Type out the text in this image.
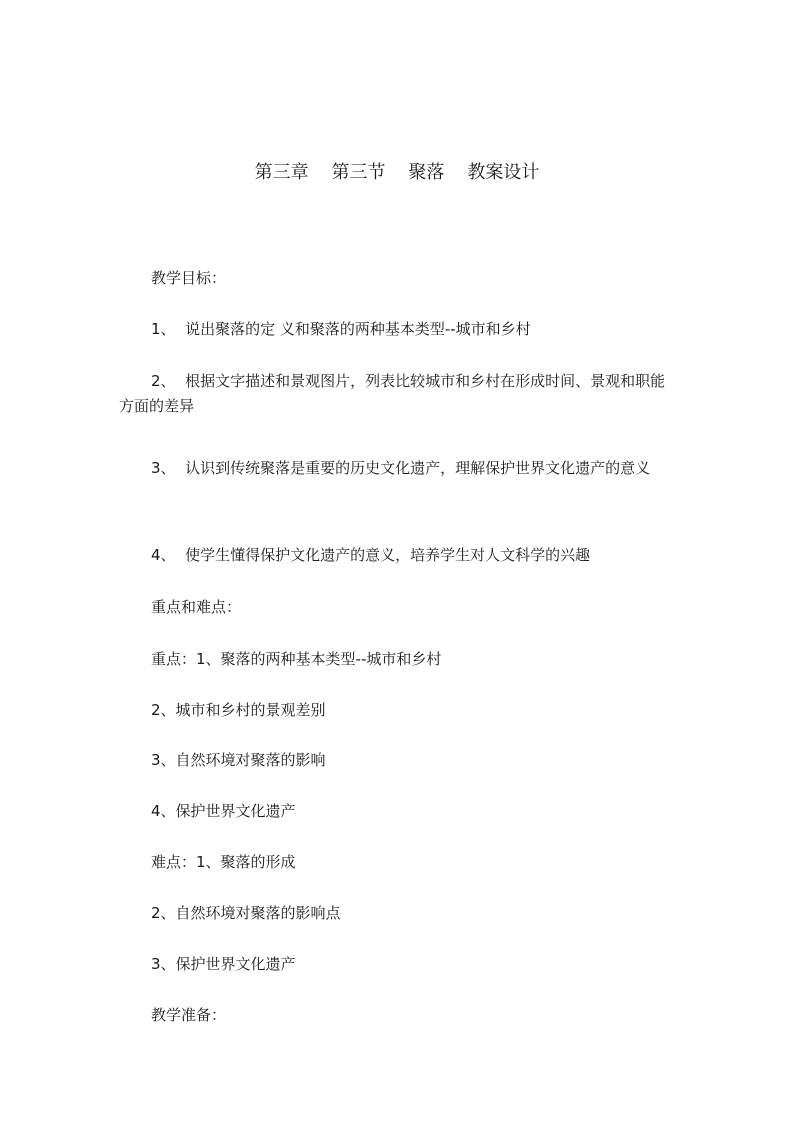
第三章    第三节    聚落    教案设计
教学目标：
1、  说出聚落的定 义和聚落的两种基本类型--城市和乡村
2、  根据文字描述和景观图片，列表比较城市和乡村在形成时间、景观和职能方面的差异
3、  认识到传统聚落是重要的历史文化遗产，理解保护世界文化遗产的意义
4、  使学生懂得保护文化遗产的意义，培养学生对人文科学的兴趣
重点和难点：
重点：1、聚落的两种基本类型--城市和乡村
2、城市和乡村的景观差别
3、自然环境对聚落的影响
4、保护世界文化遗产
难点：1、聚落的形成
2、自然环境对聚落的影响点
3、保护世界文化遗产
教学准备：
